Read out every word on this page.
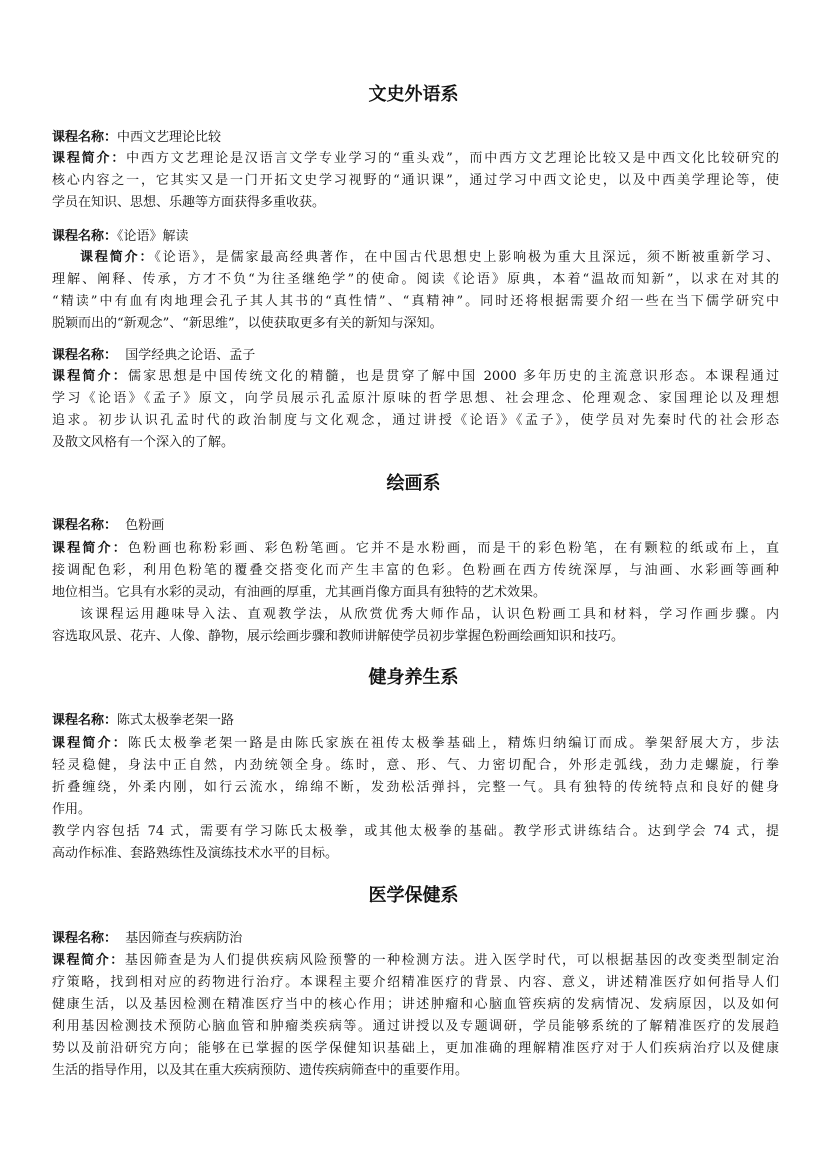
文史外语系
课程名称：中西文艺理论比较
课程简介：中西方文艺理论是汉语言文学专业学习的“重头戏”，而中西方文艺理论比较又是中西文化比较研究的
核心内容之一，它其实又是一门开拓文史学习视野的“通识课”，通过学习中西文论史，以及中西美学理论等，使
学员在知识、思想、乐趣等方面获得多重收获。
课程名称：《论语》解读
课程简介：《论语》，是儒家最高经典著作，在中国古代思想史上影响极为重大且深远，须不断被重新学习、
理解、阐释、传承，方才不负“为往圣继绝学”的使命。阅读《论语》原典，本着“温故而知新”，以求在对其的
“精读”中有血有肉地理会孔子其人其书的“真性情”、“真精神”。同时还将根据需要介绍一些在当下儒学研究中
脱颖而出的“新观念”、“新思维”，以使获取更多有关的新知与深知。
课程名称： 国学经典之论语、孟子
课程简介：儒家思想是中国传统文化的精髓，也是贯穿了解中国 2000 多年历史的主流意识形态。本课程通过
学习《论语》《孟子》原文，向学员展示孔孟原汁原味的哲学思想、社会理念、伦理观念、家国理论以及理想
追求。初步认识孔孟时代的政治制度与文化观念，通过讲授《论语》《孟子》，使学员对先秦时代的社会形态
及散文风格有一个深入的了解。
绘画系
课程名称： 色粉画
课程简介：色粉画也称粉彩画、彩色粉笔画。它并不是水粉画，而是干的彩色粉笔，在有颗粒的纸或布上，直
接调配色彩，利用色粉笔的覆叠交搭变化而产生丰富的色彩。色粉画在西方传统深厚，与油画、水彩画等画种
地位相当。它具有水彩的灵动，有油画的厚重，尤其画肖像方面具有独特的艺术效果。
该课程运用趣味导入法、直观教学法，从欣赏优秀大师作品，认识色粉画工具和材料，学习作画步骤。内
容选取风景、花卉、人像、静物，展示绘画步骤和教师讲解使学员初步掌握色粉画绘画知识和技巧。
健身养生系
课程名称：陈式太极拳老架一路
课程简介：陈氏太极拳老架一路是由陈氏家族在祖传太极拳基础上，精炼归纳编订而成。拳架舒展大方，步法
轻灵稳健，身法中正自然，内劲统领全身。练时，意、形、气、力密切配合，外形走弧线，劲力走螺旋，行拳
折叠缠绕，外柔内刚，如行云流水，绵绵不断，发劲松活弹抖，完整一气。具有独特的传统特点和良好的健身
作用。
教学内容包括 74 式，需要有学习陈氏太极拳，或其他太极拳的基础。教学形式讲练结合。达到学会 74 式，提
高动作标准、套路熟练性及演练技术水平的目标。
医学保健系
课程名称： 基因筛查与疾病防治
课程简介：基因筛查是为人们提供疾病风险预警的一种检测方法。进入医学时代，可以根据基因的改变类型制定治
疗策略，找到相对应的药物进行治疗。本课程主要介绍精准医疗的背景、内容、意义，讲述精准医疗如何指导人们
健康生活，以及基因检测在精准医疗当中的核心作用；讲述肿瘤和心脑血管疾病的发病情况、发病原因，以及如何
利用基因检测技术预防心脑血管和肿瘤类疾病等。通过讲授以及专题调研，学员能够系统的了解精准医疗的发展趋
势以及前沿研究方向；能够在已掌握的医学保健知识基础上，更加准确的理解精准医疗对于人们疾病治疗以及健康
生活的指导作用，以及其在重大疾病预防、遗传疾病筛查中的重要作用。
